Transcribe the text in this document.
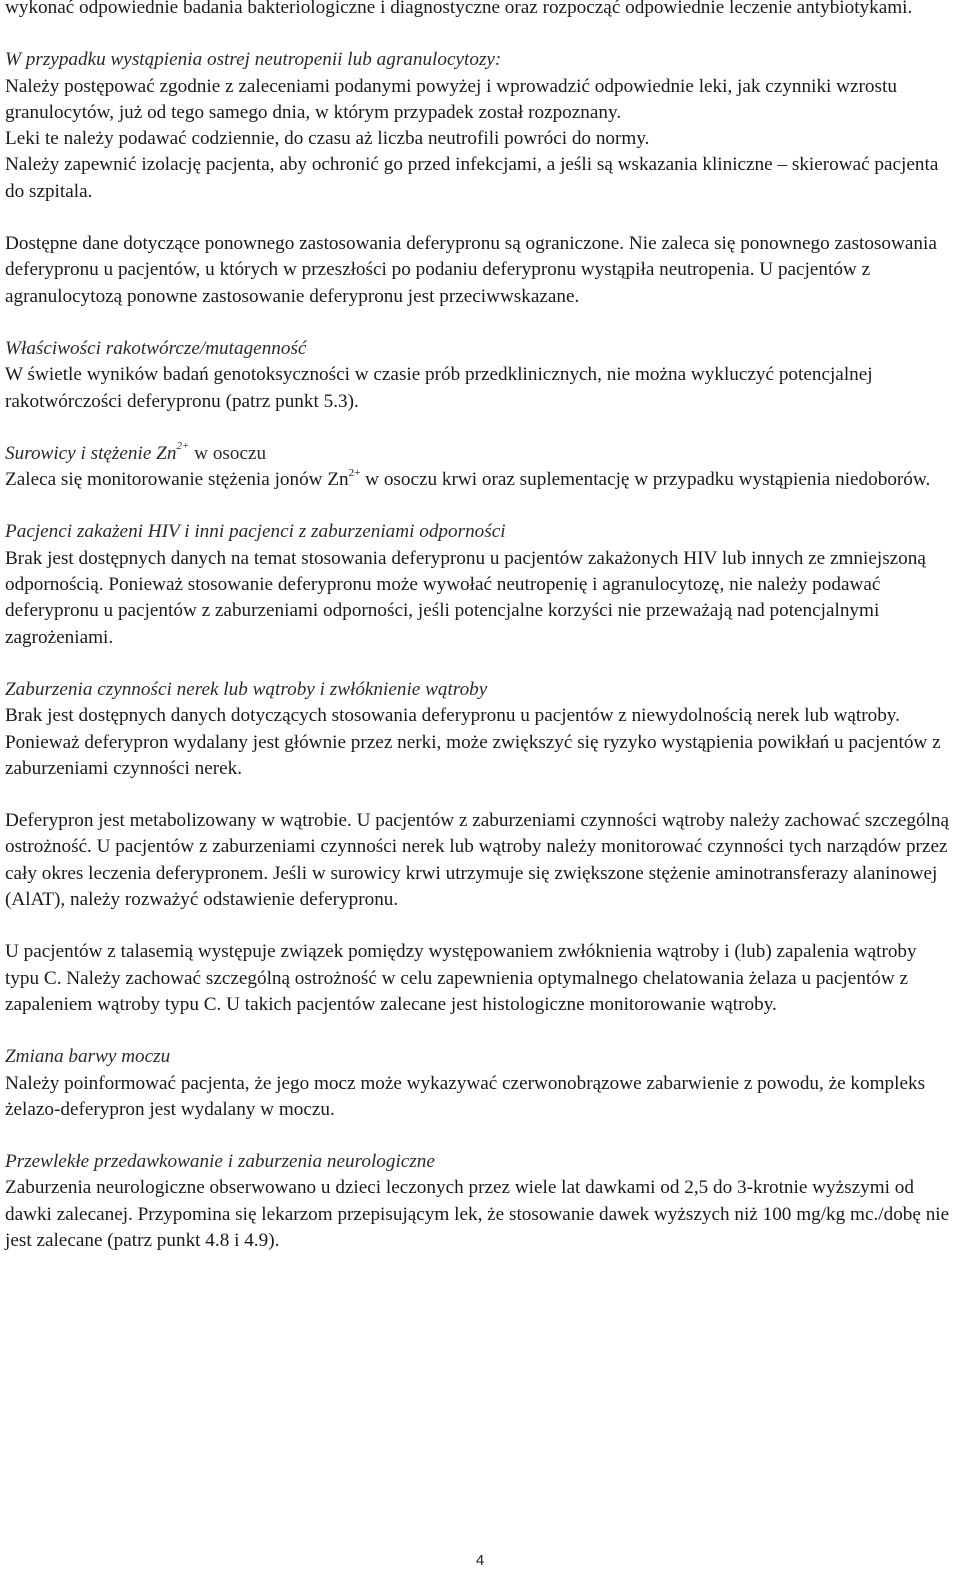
wykonać odpowiednie badania bakteriologiczne i diagnostyczne oraz rozpocząć odpowiednie leczenie antybiotykami.

W przypadku wystąpienia ostrej neutropenii lub agranulocytozy:

Należy postępować zgodnie z zaleceniami podanymi powyżej i wprowadzić odpowiednie leki, jak czynniki wzrostu granulocytów, już od tego samego dnia, w którym przypadek został rozpoznany.

Leki te należy podawać codziennie, do czasu aż liczba neutrofili powróci do normy.

Należy zapewnić izolację pacjenta, aby ochronić go przed infekcjami, a jeśli są wskazania kliniczne – skierować pacjenta do szpitala.

Dostępne dane dotyczące ponownego zastosowania deferypronu są ograniczone. Nie zaleca się ponownego zastosowania deferypronu u pacjentów, u których w przeszłości po podaniu deferypronu wystąpiła neutropenia. U pacjentów z agranulocytozą ponowne zastosowanie deferypronu jest przeciwwskazane.

Właściwości rakotwórcze/mutagenność

W świetle wyników badań genotoksyczności w czasie prób przedklinicznych, nie można wykluczyć potencjalnej rakotwórczości deferypronu (patrz punkt 5.3).

Surowicy i stężenie $Zn^{2+}$ w osoczu

Zaleca się monitorowanie stężenia jonów $Zn^{2+}$ w osoczu krwi oraz suplementację w przypadku wystąpienia niedoborów.

Pacjenci zakażeni HIV i inni pacjenci z zaburzeniami odporności

Brak jest dostępnych danych na temat stosowania deferypronu u pacjentów zakażonych HIV lub innych ze zmniejszoną odpornością. Ponieważ stosowanie deferypronu może wywołać neutropenię i agranulocytozę, nie należy podawać deferypronu u pacjentów z zaburzeniami odporności, jeśli potencjalne korzyści nie przeważają nad potencjalnymi zagrożeniami.

Zaburzenia czynności nerek lub wątroby i zwłóknienie wątroby

Brak jest dostępnych danych dotyczących stosowania deferypronu u pacjentów z niewydolnością nerek lub wątroby. Ponieważ deferypron wydalany jest głównie przez nerki, może zwiększyć się ryzyko wystąpienia powikłań u pacjentów z zaburzeniami czynności nerek.

Deferypron jest metabolizowany w wątrobie. U pacjentów z zaburzeniami czynności wątroby należy zachować szczególną ostrożność. U pacjentów z zaburzeniami czynności nerek lub wątroby należy monitorować czynności tych narządów przez cały okres leczenia deferypronem. Jeśli w surowicy krwi utrzymuje się zwiększone stężenie aminotransferazy alaninowej (AlAT), należy rozważyć odstawienie deferypronu.

U pacjentów z talasemią występuje związek pomiędzy występowaniem zwłóknienia wątroby i (lub) zapalenia wątroby typu C. Należy zachować szczególną ostrożność w celu zapewnienia optymalnego chelatowania żelaza u pacjentów z zapaleniem wątroby typu C. U takich pacjentów zalecane jest histologiczne monitorowanie wątroby.

Zmiana barwy moczu

Należy poinformować pacjenta, że jego mocz może wykazywać czerwonobrązowe zabarwienie z powodu, że kompleks żelazo-deferypron jest wydalany w moczu.

Przewlekłe przedawkowanie i zaburzenia neurologiczne

Zaburzenia neurologiczne obserwowano u dzieci leczonych przez wiele lat dawkami od 2,5 do 3-krotnie wyższymi od dawki zalecanej. Przypomina się lekarzom przepisującym lek, że stosowanie dawek wyższych niż 100 mg/kg mc./dobę nie jest zalecane (patrz punkt 4.8 i 4.9).

4
